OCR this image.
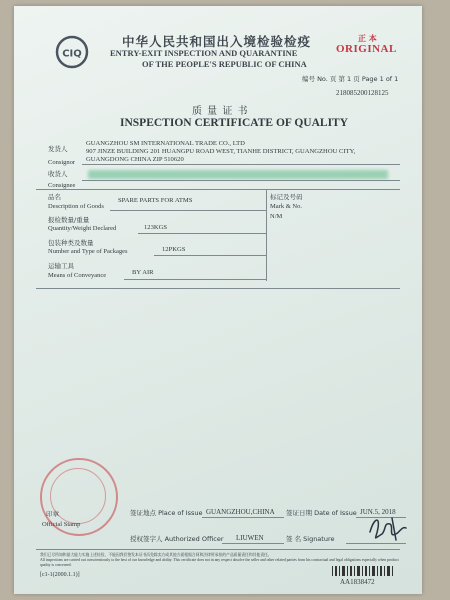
CIQ
中华人民共和国出入境检验检疫
ENTRY-EXIT INSPECTION AND QUARANTINE
OF THE PEOPLE'S REPUBLIC OF CHINA
正 本
ORIGINAL
编号 No. 页 第 1 页 Page 1 of 1
218085200128125
质 量 证 书
INSPECTION CERTIFICATE OF QUALITY
发货人
Consignor
GUANGZHOU SM INTERNATIONAL TRADE CO., LTD
907 JINZE BUILDING 201 HUANGPU ROAD WEST, TIANHE DISTRICT, GUANGZHOU CITY,
GUANGDONG CHINA ZIP 510620
收货人
Consignee
品名
Description of Goods
SPARE PARTS FOR ATMS	标记及号码
Mark & No.
N/M
报检数量/重量
Quantity/Weight Declared	123KGS
包装种类及数量
Number and Type of Packages	12PKGS
运输工具
Means of Conveyance	BY AIR
印章
Official Stamp
签证地点 Place of Issue GUANGZHOU,CHINA 签证日期 Date of Issue JUN.5, 2018
授权签字人 Authorized Officer LIUWEN	签 名 Signature
我们已尽所知和最大能力实施上述检验，不能因我们签发本证书而免除卖方或其他方面根据合同和法律所承担的产品质量责任和其他责任。
All inspections are carried out conscientiously to the best of our knowledge and ability. This certificate does not in any respect absolve the seller and other related parties from his contractual and legal obligations especially when product quality is concerned.
[c1-1(2000.1.1)]
AA1838472
